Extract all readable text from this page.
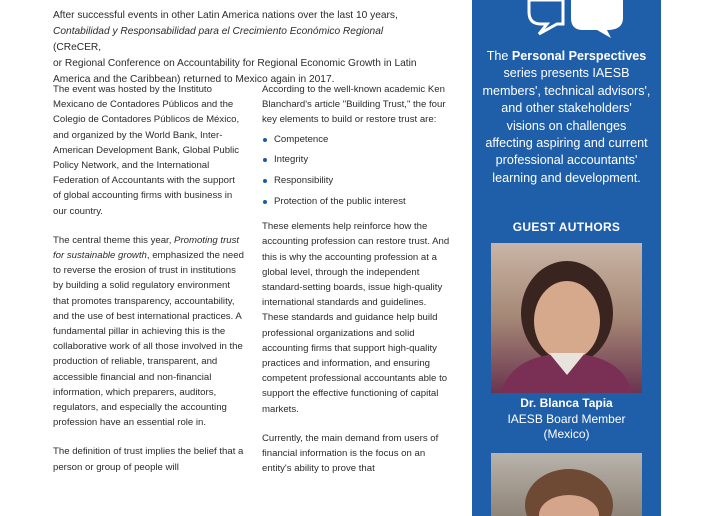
After successful events in other Latin America nations over the last 10 years,
Contabilidad y Responsabilidad para el Crecimiento Económico Regional (CReCER,
or Regional Conference on Accountability for Regional Economic Growth in Latin America and the Caribbean) returned to Mexico again in 2017.

The event was hosted by the Instituto Mexicano de Contadores Públicos and the Colegio de Contadores Públicos de México, and organized by the World Bank, Inter-American Development Bank, Global Public Policy Network, and the International Federation of Accountants with the support of global accounting firms with business in our country.

The central theme this year, Promoting trust for sustainable growth, emphasized the need to reverse the erosion of trust in institutions by building a solid regulatory environment that promotes transparency, accountability, and the use of best international practices. A fundamental pillar in achieving this is the collaborative work of all those involved in the production of reliable, transparent, and accessible financial and non-financial information, which preparers, auditors, regulators, and especially the accounting profession have an essential role in.

The definition of trust implies the belief that a person or group of people will

According to the well-known academic Ken Blanchard's article "Building Trust," the four key elements to build or restore trust are:

Competence
Integrity
Responsibility
Protection of the public interest

These elements help reinforce how the accounting profession can restore trust. And this is why the accounting profession at a global level, through the independent standard-setting boards, issue high-quality international standards and guidelines. These standards and guidance help build professional organizations and solid accounting firms that support high-quality practices and information, and ensuring competent professional accountants able to support the effective functioning of capital markets.

Currently, the main demand from users of financial information is the focus on an entity's ability to prove that

The Personal Perspectives series presents IAESB members', technical advisors', and other stakeholders' visions on challenges affecting aspiring and current professional accountants' learning and development.
GUEST AUTHORS
Dr. Blanca Tapia
IAESB Board Member
(Mexico)
